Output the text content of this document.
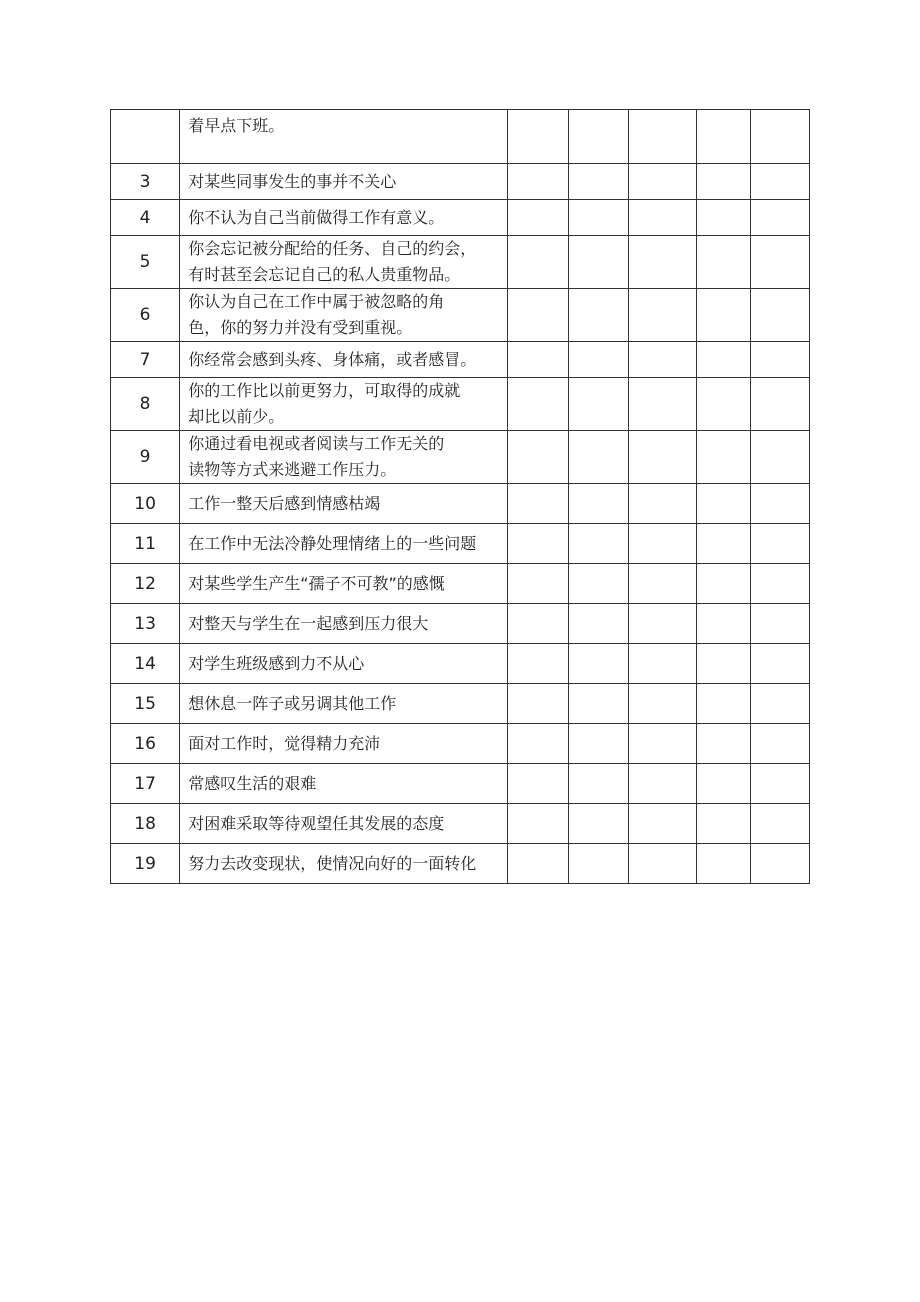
	着早点下班。					

3	对某些同事发生的事并不关心					

4	你不认为自己当前做得工作有意义。					

5	你会忘记被分配给的任务、自己的约会，
有时甚至会忘记自己的私人贵重物品。					

6	你认为自己在工作中属于被忽略的角
色，你的努力并没有受到重视。					

7	你经常会感到头疼、身体痛，或者感冒。					

8	你的工作比以前更努力，可取得的成就
却比以前少。					

9	你通过看电视或者阅读与工作无关的
读物等方式来逃避工作压力。					

10	工作一整天后感到情感枯竭					

11	在工作中无法冷静处理情绪上的一些问题					

12	对某些学生产生“孺子不可教”的感慨					

13	对整天与学生在一起感到压力很大					

14	对学生班级感到力不从心					

15	想休息一阵子或另调其他工作					

16	面对工作时，觉得精力充沛					

17	常感叹生活的艰难					

18	对困难采取等待观望任其发展的态度					

19	努力去改变现状，使情况向好的一面转化					
